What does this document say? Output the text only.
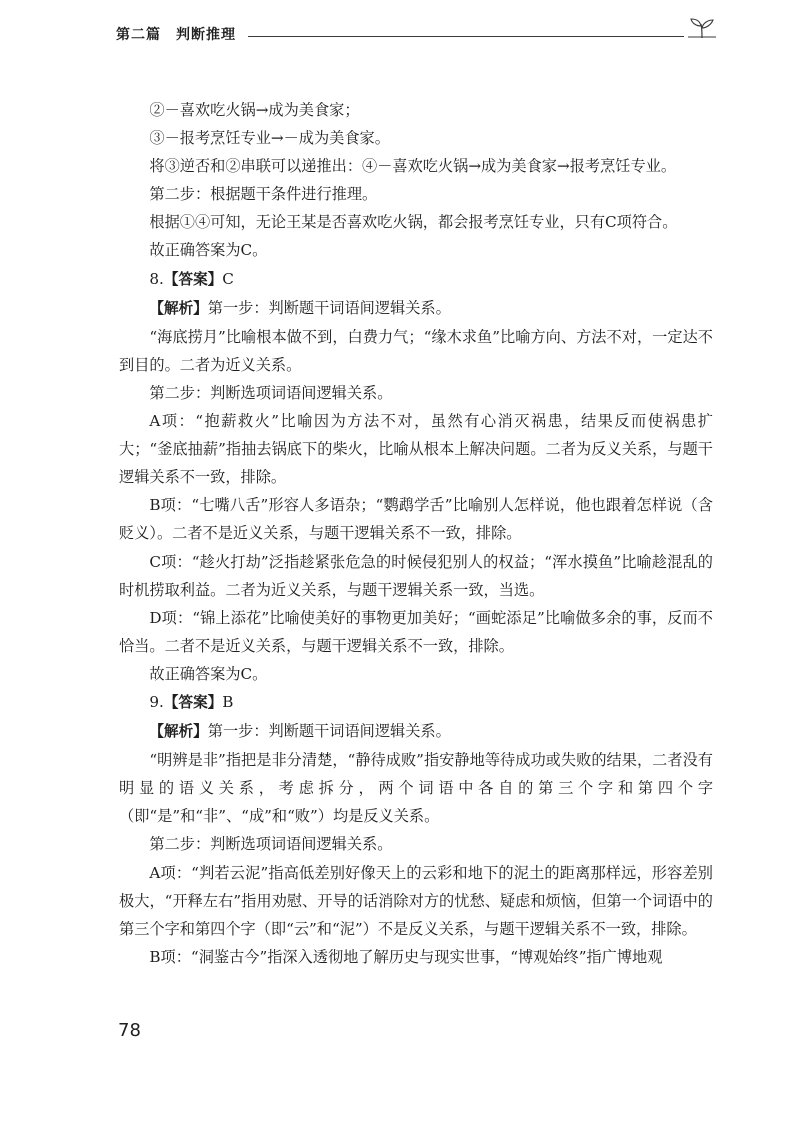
第二篇　判断推理

②－喜欢吃火锅→成为美食家；

③－报考烹饪专业→－成为美食家。

将③逆否和②串联可以递推出：④－喜欢吃火锅→成为美食家→报考烹饪专业。

第二步：根据题干条件进行推理。

根据①④可知，无论王某是否喜欢吃火锅，都会报考烹饪专业，只有C项符合。

故正确答案为C。

8.【答案】C

【解析】第一步：判断题干词语间逻辑关系。

“海底捞月”比喻根本做不到，白费力气；“缘木求鱼”比喻方向、方法不对，一定达不到目的。二者为近义关系。

第二步：判断选项词语间逻辑关系。

A项：“抱薪救火”比喻因为方法不对，虽然有心消灭祸患，结果反而使祸患扩大；“釜底抽薪”指抽去锅底下的柴火，比喻从根本上解决问题。二者为反义关系，与题干逻辑关系不一致，排除。

B项：“七嘴八舌”形容人多语杂；“鹦鹉学舌”比喻别人怎样说，他也跟着怎样说（含贬义）。二者不是近义关系，与题干逻辑关系不一致，排除。

C项：“趁火打劫”泛指趁紧张危急的时候侵犯别人的权益；“浑水摸鱼”比喻趁混乱的时机捞取利益。二者为近义关系，与题干逻辑关系一致，当选。

D项：“锦上添花”比喻使美好的事物更加美好；“画蛇添足”比喻做多余的事，反而不恰当。二者不是近义关系，与题干逻辑关系不一致，排除。

故正确答案为C。

9.【答案】B

【解析】第一步：判断题干词语间逻辑关系。

“明辨是非”指把是非分清楚，“静待成败”指安静地等待成功或失败的结果，二者没有明显的语义关系，考虑拆分，两个词语中各自的第三个字和第四个字（即“是”和“非”、“成”和“败”）均是反义关系。

第二步：判断选项词语间逻辑关系。

A项：“判若云泥”指高低差别好像天上的云彩和地下的泥土的距离那样远，形容差别极大，“开释左右”指用劝慰、开导的话消除对方的忧愁、疑虑和烦恼，但第一个词语中的第三个字和第四个字（即“云”和“泥”）不是反义关系，与题干逻辑关系不一致，排除。

B项：“洞鉴古今”指深入透彻地了解历史与现实世事，“博观始终”指广博地观

78
